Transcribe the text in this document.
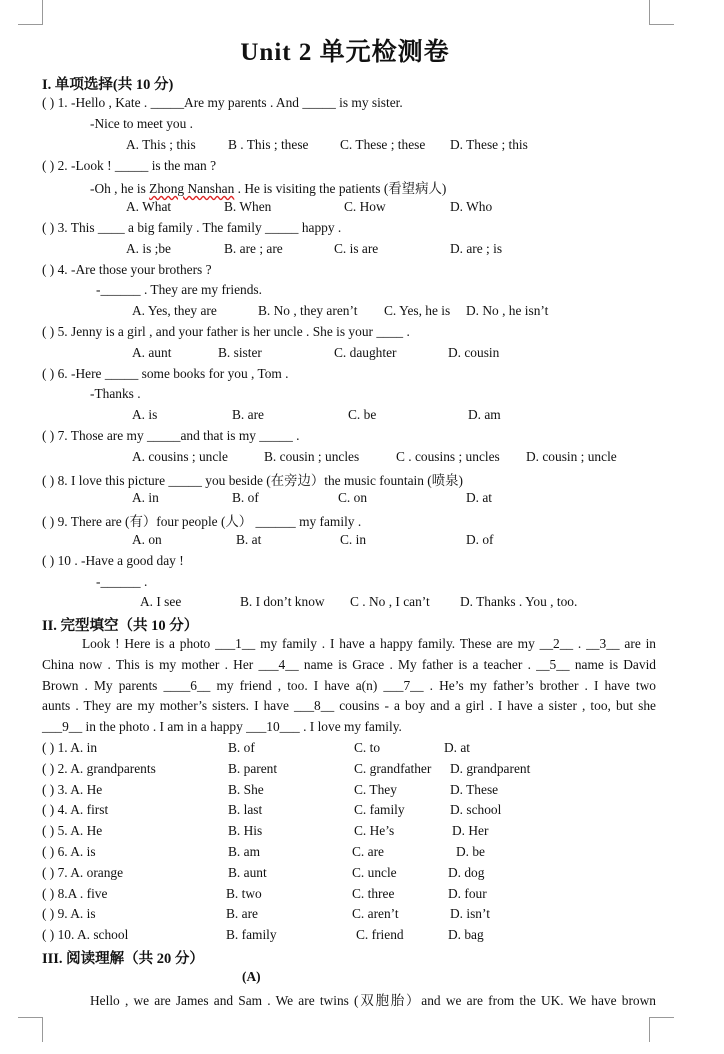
Unit 2 单元检测卷
I. 单项选择(共 10 分)
( ) 1. -Hello , Kate . _____Are my parents . And _____ is my sister.
-Nice to meet you .
A. This ; this B . This ; these C. These ; these D. These ; this
( ) 2. -Look ! _____ is the man ?
-Oh , he is Zhong Nanshan . He is visiting the patients (看望病人)
A. What	B. When	C. How	D. Who
( ) 3. This ____ a big family . The family _____ happy .
A. is ;be	B. are ; are	C. is are	D. are ; is
( ) 4. -Are those your brothers ?
-______ . They are my friends.
A. Yes, they are	B. No , they aren’t C. Yes, he is D. No , he isn’t
( ) 5. Jenny is a girl , and your father is her uncle . She is your ____ .
A. aunt	B. sister	C. daughter	D. cousin
( ) 6. -Here _____ some books for you , Tom .
-Thanks .
A. is	B. are	C. be	D. am
( ) 7. Those are my _____and that is my _____ .
A. cousins ; uncle	B. cousin ; uncles	C . cousins ; uncles D. cousin ; uncle
( ) 8. I love this picture _____ you beside (在旁边）the music fountain (喷泉)
A. in	B. of	C. on	D. at
( ) 9. There are (有）four people (人） ______ my family .
A. on	B. at	C. in	D. of
( ) 10 . -Have a good day !
-______ .
A. I see	B. I don’t know C . No , I can’t D. Thanks . You , too.
II. 完型填空（共 10 分）
Look ! Here is a photo ___1__ my family . I have a happy family. These are my __2__ . __3__ are in
China now . This is my mother . Her ___4__ name is Grace . My father is a teacher . __5__ name is David
Brown . My parents ____6__ my friend , too. I have a(n) ___7__ . He’s my father’s brother . I have two
aunts . They are my mother’s sisters. I have ___8__ cousins - a boy and a girl . I have a sister , too, but she
___9__ in the photo . I am in a happy ___10___ . I love my family.
( ) 1. A. in	B. of	C. to	D. at
( ) 2. A. grandparents	B. parent	C. grandfather D. grandparent
( ) 3. A. He	B. She	C. They	D. These
( ) 4. A. first	B. last	C. family	D. school
( ) 5. A. He	B. His	C. He’s	D. Her
( ) 6. A. is	B. am	C. are	D. be
( ) 7. A. orange	B. aunt	C. uncle	D. dog
( ) 8.A . five	B. two	C. three	D. four
( ) 9. A. is	B. are	C. aren’t	D. isn’t
( ) 10. A. school	B. family	C. friend	D. bag
III. 阅读理解（共 20 分）
(A)
Hello , we are James and Sam . We are twins (双胞胎）and we are from the UK. We have brown
